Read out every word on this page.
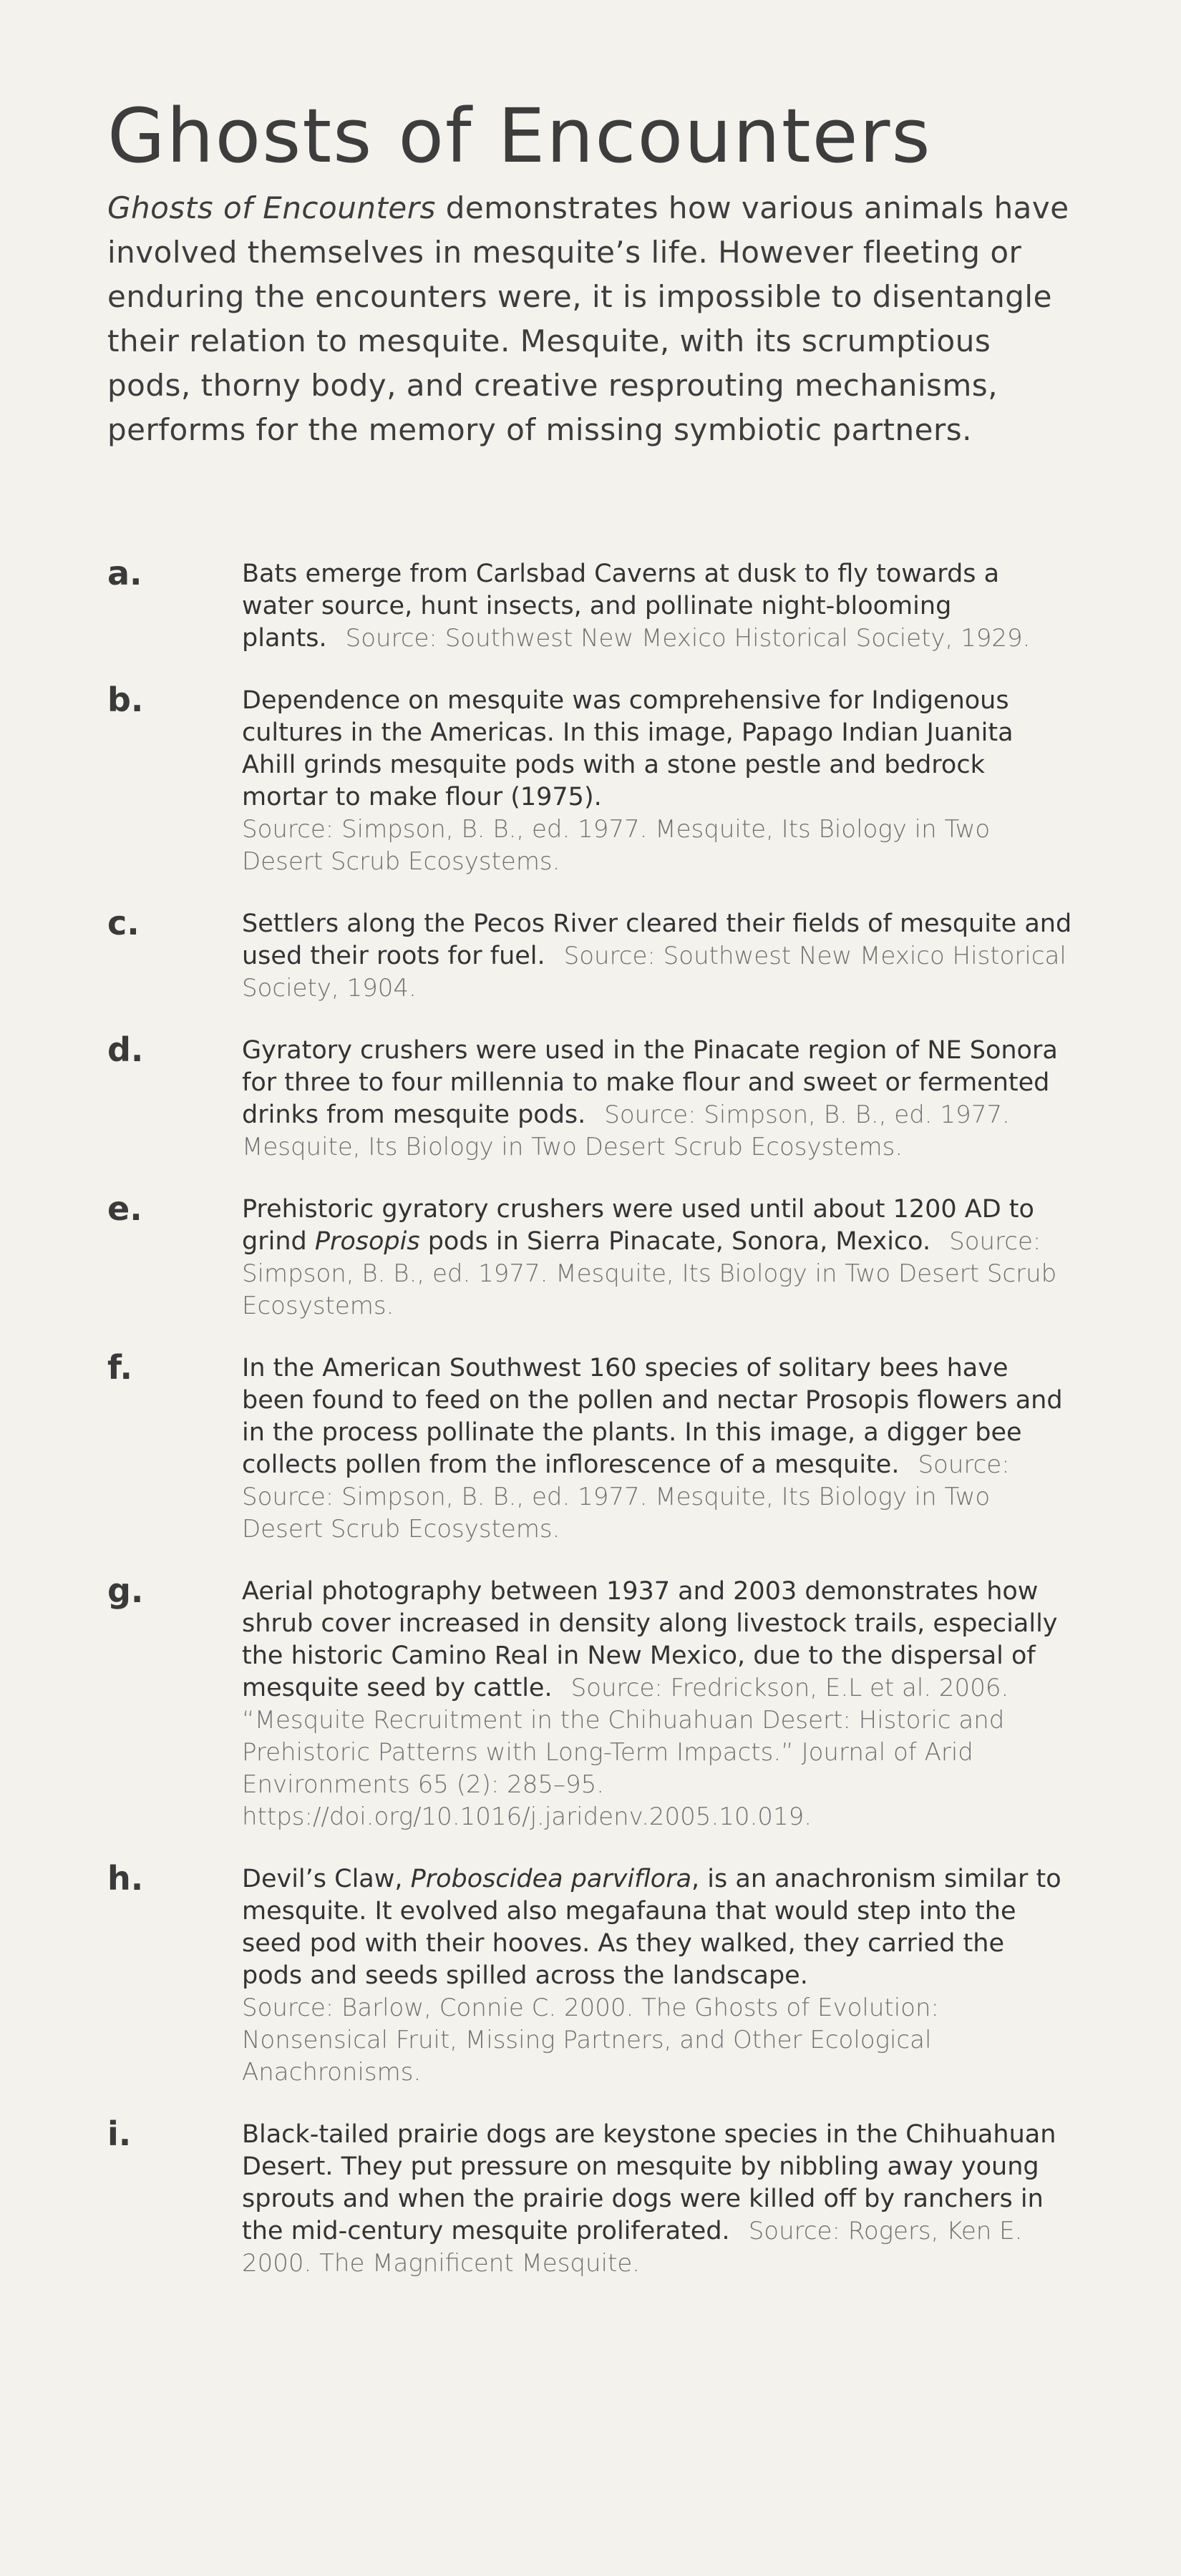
Ghosts of Encounters

Ghosts of Encounters demonstrates how various animals have involved themselves in mesquite’s life. However fleeting or enduring the encounters were, it is impossible to disentangle their relation to mesquite. Mesquite, with its scrumptious pods, thorny body, and creative resprouting mechanisms, performs for the memory of missing symbiotic partners.

a.	Bats emerge from Carlsbad Caverns at dusk to fly towards a water source, hunt insects, and pollinate night-blooming plants. Source: Southwest New Mexico Historical Society, 1929.
b.	Dependence on mesquite was comprehensive for Indigenous cultures in the Americas. In this image, Papago Indian Juanita Ahill grinds mesquite pods with a stone pestle and bedrock mortar to make flour (1975).
Source: Simpson, B. B., ed. 1977. Mesquite, Its Biology in Two Desert Scrub Ecosystems.
c.	Settlers along the Pecos River cleared their fields of mesquite and used their roots for fuel. Source: Southwest New Mexico Historical Society, 1904.
d.	Gyratory crushers were used in the Pinacate region of NE Sonora for three to four millennia to make flour and sweet or fermented drinks from mesquite pods. Source: Simpson, B. B., ed. 1977. Mesquite, Its Biology in Two Desert Scrub Ecosystems.
e.	Prehistoric gyratory crushers were used until about 1200 AD to grind Prosopis pods in Sierra Pinacate, Sonora, Mexico. Source: Simpson, B. B., ed. 1977. Mesquite, Its Biology in Two Desert Scrub Ecosystems.
f.	In the American Southwest 160 species of solitary bees have been found to feed on the pollen and nectar Prosopis flowers and in the process pollinate the plants. In this image, a digger bee collects pollen from the inflorescence of a mesquite. Source: Source: Simpson, B. B., ed. 1977. Mesquite, Its Biology in Two Desert Scrub Ecosystems.
g.	Aerial photography between 1937 and 2003 demonstrates how shrub cover increased in density along livestock trails, especially the historic Camino Real in New Mexico, due to the dispersal of mesquite seed by cattle. Source: Fredrickson, E.L et al. 2006. “Mesquite Recruitment in the Chihuahuan Desert: Historic and Prehistoric Patterns with Long-Term Impacts.” Journal of Arid Environments 65 (2): 285–95. https://doi.org/10.1016/j.jaridenv.2005.10.019.
h.	Devil’s Claw, Proboscidea parviflora, is an anachronism similar to mesquite. It evolved also megafauna that would step into the seed pod with their hooves. As they walked, they carried the pods and seeds spilled across the landscape.
Source: Barlow, Connie C. 2000. The Ghosts of Evolution: Nonsensical Fruit, Missing Partners, and Other Ecological Anachronisms.
i.	Black-tailed prairie dogs are keystone species in the Chihuahuan Desert. They put pressure on mesquite by nibbling away young sprouts and when the prairie dogs were killed off by ranchers in the mid-century mesquite proliferated. Source: Rogers, Ken E. 2000. The Magnificent Mesquite.
